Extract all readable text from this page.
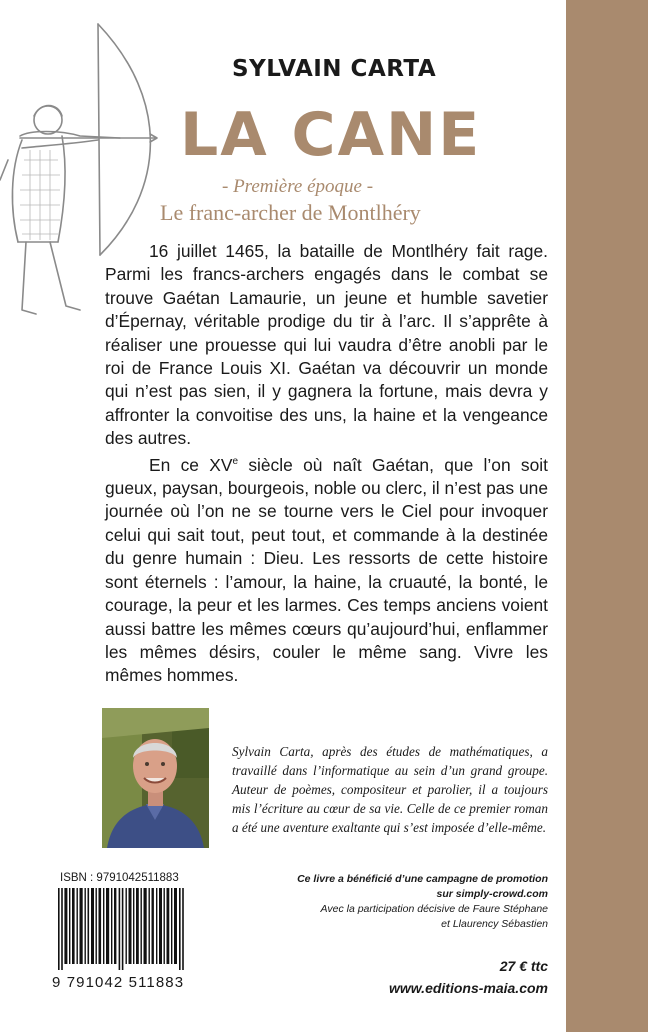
SYLVAIN CARTA
LA CANE
- Première époque -
Le franc-archer de Montlhéry

16 juillet 1465, la bataille de Montlhéry fait rage. Parmi les francs-archers engagés dans le combat se trouve Gaétan Lamaurie, un jeune et humble savetier d’Épernay, véritable prodige du tir à l’arc. Il s’apprête à réaliser une prouesse qui lui vaudra d’être anobli par le roi de France Louis XI. Gaétan va découvrir un monde qui n’est pas sien, il y gagnera la fortune, mais devra y affronter la convoitise des uns, la haine et la vengeance des autres.

En ce XVe siècle où naît Gaétan, que l’on soit gueux, paysan, bourgeois, noble ou clerc, il n’est pas une journée où l’on ne se tourne vers le Ciel pour invoquer celui qui sait tout, peut tout, et commande à la destinée du genre humain : Dieu. Les ressorts de cette histoire sont éternels : l’amour, la haine, la cruauté, la bonté, le courage, la peur et les larmes. Ces temps anciens voient aussi battre les mêmes cœurs qu’aujourd’hui, enflammer les mêmes désirs, couler le même sang. Vivre les mêmes hommes.

Sylvain Carta, après des études de mathématiques, a travaillé dans l’informatique au sein d’un grand groupe. Auteur de poèmes, compositeur et parolier, il a toujours mis l’écriture au cœur de sa vie. Celle de ce premier roman a été une aventure exaltante qui s’est imposée d’elle-même.
ISBN : 9791042511883
9 791042 511883
Ce livre a bénéficié d’une campagne de promotion
sur simply-crowd.com
Avec la participation décisive de Faure Stéphane
et Llaurency Sébastien
27 € ttc
www.editions-maia.com
